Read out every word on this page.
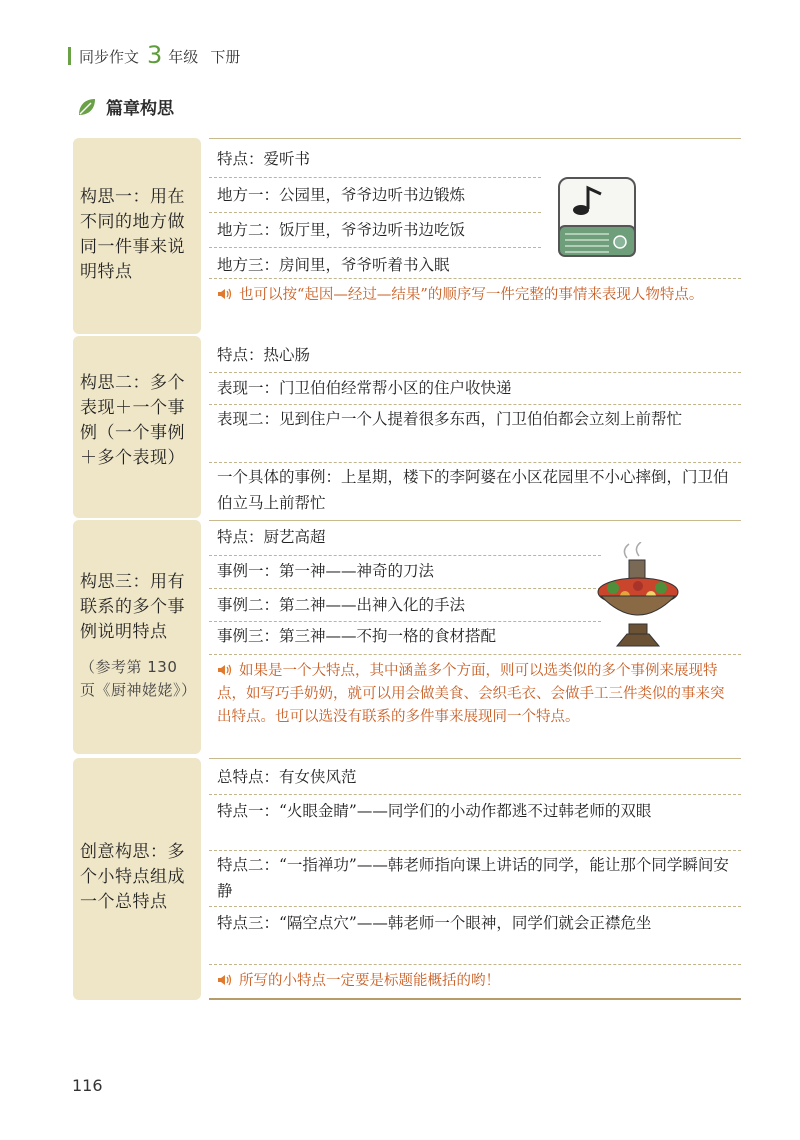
同步作文 3 年级 下册
篇章构思
构思一：用在不同的地方做同一件事来说明特点
特点：爱听书
地方一：公园里，爷爷边听书边锻炼
地方二：饭厅里，爷爷边听书边吃饭
地方三：房间里，爷爷听着书入眠
也可以按“起因—经过—结果”的顺序写一件完整的事情来表现人物特点。
构思二：多个表现＋一个事例（一个事例＋多个表现）
特点：热心肠
表现一：门卫伯伯经常帮小区的住户收快递
表现二：见到住户一个人提着很多东西，门卫伯伯都会立刻上前帮忙
一个具体的事例：上星期，楼下的李阿婆在小区花园里不小心摔倒，门卫伯伯立马上前帮忙
构思三：用有联系的多个事例说明特点
（参考第 130 页《厨神姥姥》）
特点：厨艺高超
事例一：第一神——神奇的刀法
事例二：第二神——出神入化的手法
事例三：第三神——不拘一格的食材搭配
如果是一个大特点，其中涵盖多个方面，则可以选类似的多个事例来展现特点，如写巧手奶奶，就可以用会做美食、会织毛衣、会做手工三件类似的事来突出特点。也可以选没有联系的多件事来展现同一个特点。
创意构思：多个小特点组成一个总特点
总特点：有女侠风范
特点一：“火眼金睛”——同学们的小动作都逃不过韩老师的双眼
特点二：“一指禅功”——韩老师指向课上讲话的同学，能让那个同学瞬间安静
特点三：“隔空点穴”——韩老师一个眼神，同学们就会正襟危坐
所写的小特点一定要是标题能概括的哟！
116
